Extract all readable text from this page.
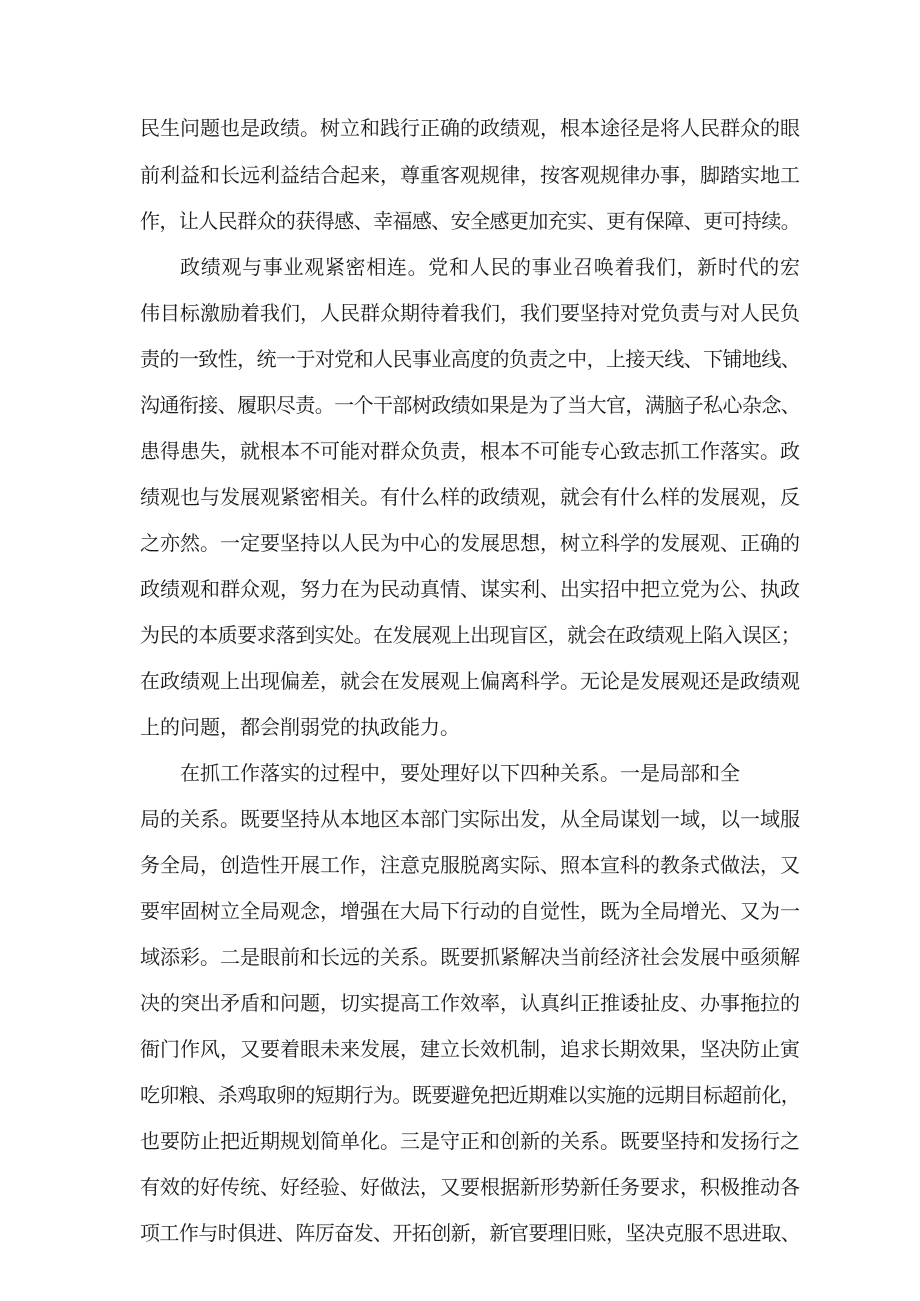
民生问题也是政绩。树立和践行正确的政绩观，根本途径是将人民群众的眼
前利益和长远利益结合起来，尊重客观规律，按客观规律办事，脚踏实地工
作，让人民群众的获得感、幸福感、安全感更加充实、更有保障、更可持续。
政绩观与事业观紧密相连。党和人民的事业召唤着我们，新时代的宏
伟目标激励着我们，人民群众期待着我们，我们要坚持对党负责与对人民负
责的一致性，统一于对党和人民事业高度的负责之中，上接天线、下铺地线、
沟通衔接、履职尽责。一个干部树政绩如果是为了当大官，满脑子私心杂念、
患得患失，就根本不可能对群众负责，根本不可能专心致志抓工作落实。政
绩观也与发展观紧密相关。有什么样的政绩观，就会有什么样的发展观，反
之亦然。一定要坚持以人民为中心的发展思想，树立科学的发展观、正确的
政绩观和群众观，努力在为民动真情、谋实利、出实招中把立党为公、执政
为民的本质要求落到实处。在发展观上出现盲区，就会在政绩观上陷入误区；
在政绩观上出现偏差，就会在发展观上偏离科学。无论是发展观还是政绩观
上的问题，都会削弱党的执政能力。
在抓工作落实的过程中，要处理好以下四种关系。一是局部和全
局的关系。既要坚持从本地区本部门实际出发，从全局谋划一域，以一域服
务全局，创造性开展工作，注意克服脱离实际、照本宣科的教条式做法，又
要牢固树立全局观念，增强在大局下行动的自觉性，既为全局增光、又为一
域添彩。二是眼前和长远的关系。既要抓紧解决当前经济社会发展中亟须解
决的突出矛盾和问题，切实提高工作效率，认真纠正推诿扯皮、办事拖拉的
衙门作风，又要着眼未来发展，建立长效机制，追求长期效果，坚决防止寅
吃卯粮、杀鸡取卵的短期行为。既要避免把近期难以实施的远期目标超前化，
也要防止把近期规划简单化。三是守正和创新的关系。既要坚持和发扬行之
有效的好传统、好经验、好做法，又要根据新形势新任务要求，积极推动各
项工作与时俱进、阵厉奋发、开拓创新，新官要理旧账，坚决克服不思进取、
